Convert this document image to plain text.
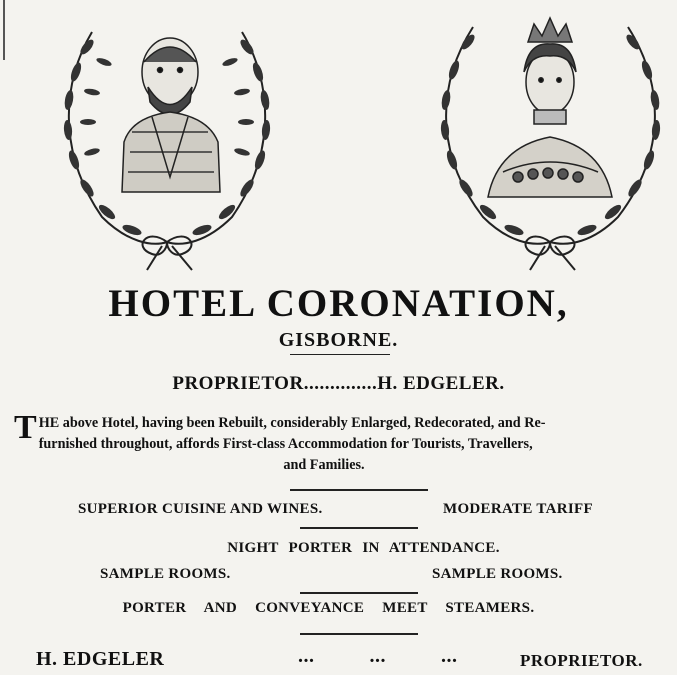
HOTEL CORONATION,
GISBORNE.
PROPRIETOR..............H. EDGELER.
T HE above Hotel, having been Rebuilt, considerably Enlarged, Redecorated, and Re-
furnished throughout, affords First-class Accommodation for Tourists, Travellers,

and Families.
SUPERIOR CUISINE AND WINES.	MODERATE TARIFF
NIGHT PORTER IN ATTENDANCE.
SAMPLE ROOMS.	SAMPLE ROOMS.
PORTER AND CONVEYANCE MEET STEAMERS.
H. EDGELER	...          ...          ...	PROPRIETOR.
